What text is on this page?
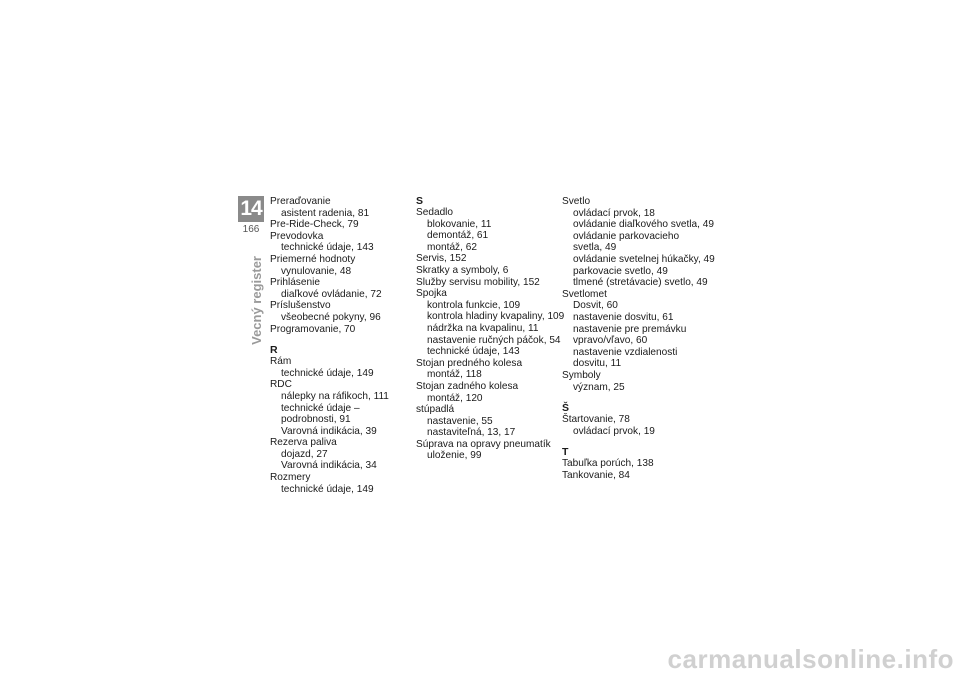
14
166
Vecný register
Preraďovanie
asistent radenia, 81
Pre-Ride-Check, 79
Prevodovka
technické údaje, 143
Priemerné hodnoty
vynulovanie, 48
Prihlásenie
diaľkové ovládanie, 72
Príslušenstvo
všeobecné pokyny, 96
Programovanie, 70
R
Rám
technické údaje, 149
RDC
nálepky na ráfikoch, 111
technické údaje –
podrobnosti, 91
Varovná indikácia, 39
Rezerva paliva
dojazd, 27
Varovná indikácia, 34
Rozmery
technické údaje, 149
S
Sedadlo
blokovanie, 11
demontáž, 61
montáž, 62
Servis, 152
Skratky a symboly, 6
Služby servisu mobility, 152
Spojka
kontrola funkcie, 109
kontrola hladiny kvapaliny, 109
nádržka na kvapalinu, 11
nastavenie ručných páčok, 54
technické údaje, 143
Stojan predného kolesa
montáž, 118
Stojan zadného kolesa
montáž, 120
stúpadlá
nastavenie, 55
nastaviteľná, 13, 17
Súprava na opravy pneumatík
uloženie, 99
Svetlo
ovládací prvok, 18
ovládanie diaľkového svetla, 49
ovládanie parkovacieho
svetla, 49
ovládanie svetelnej húkačky, 49
parkovacie svetlo, 49
tlmené (stretávacie) svetlo, 49
Svetlomet
Dosvit, 60
nastavenie dosvitu, 61
nastavenie pre premávku
vpravo/vľavo, 60
nastavenie vzdialenosti
dosvitu, 11
Symboly
význam, 25
Š
Štartovanie, 78
ovládací prvok, 19
T
Tabuľka porúch, 138
Tankovanie, 84
carmanualsonline.info
